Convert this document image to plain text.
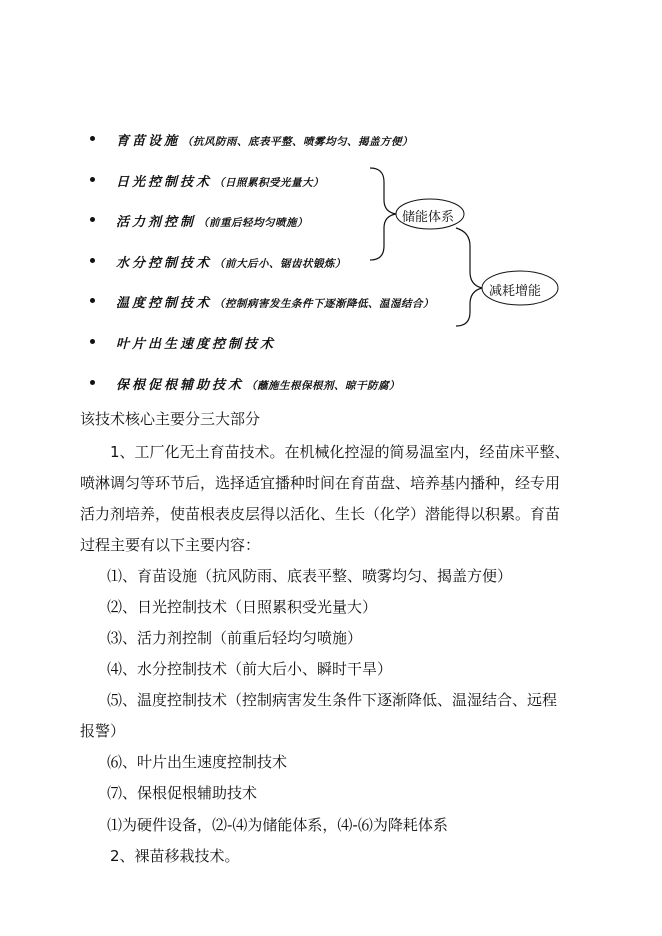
育苗设施 （抗风防雨、底表平整、喷雾均匀、揭盖方便）
日光控制技术 （日照累积受光量大）
活力剂控制 （前重后轻均匀喷施）
水分控制技术 （前大后小、锯齿状锻炼）
温度控制技术 （控制病害发生条件下逐渐降低、温湿结合）
叶片出生速度控制技术
保根促根辅助技术 （蘸施生根保根剂、晾干防腐）
储能体系
减耗增能
该技术核心主要分三大部分
1、工厂化无土育苗技术。在机械化控湿的简易温室内，经苗床平整、
喷淋调匀等环节后，选择适宜播种时间在育苗盘、培养基内播种，经专用
活力剂培养，使苗根表皮层得以活化、生长（化学）潜能得以积累。育苗
过程主要有以下主要内容：
⑴、育苗设施（抗风防雨、底表平整、喷雾均匀、揭盖方便）
⑵、日光控制技术（日照累积受光量大）
⑶、活力剂控制（前重后轻均匀喷施）
⑷、水分控制技术（前大后小、瞬时干旱）
⑸、温度控制技术（控制病害发生条件下逐渐降低、温湿结合、远程
报警）
⑹、叶片出生速度控制技术
⑺、保根促根辅助技术
⑴为硬件设备，⑵-⑷为储能体系，⑷-⑹为降耗体系
2、裸苗移栽技术。
